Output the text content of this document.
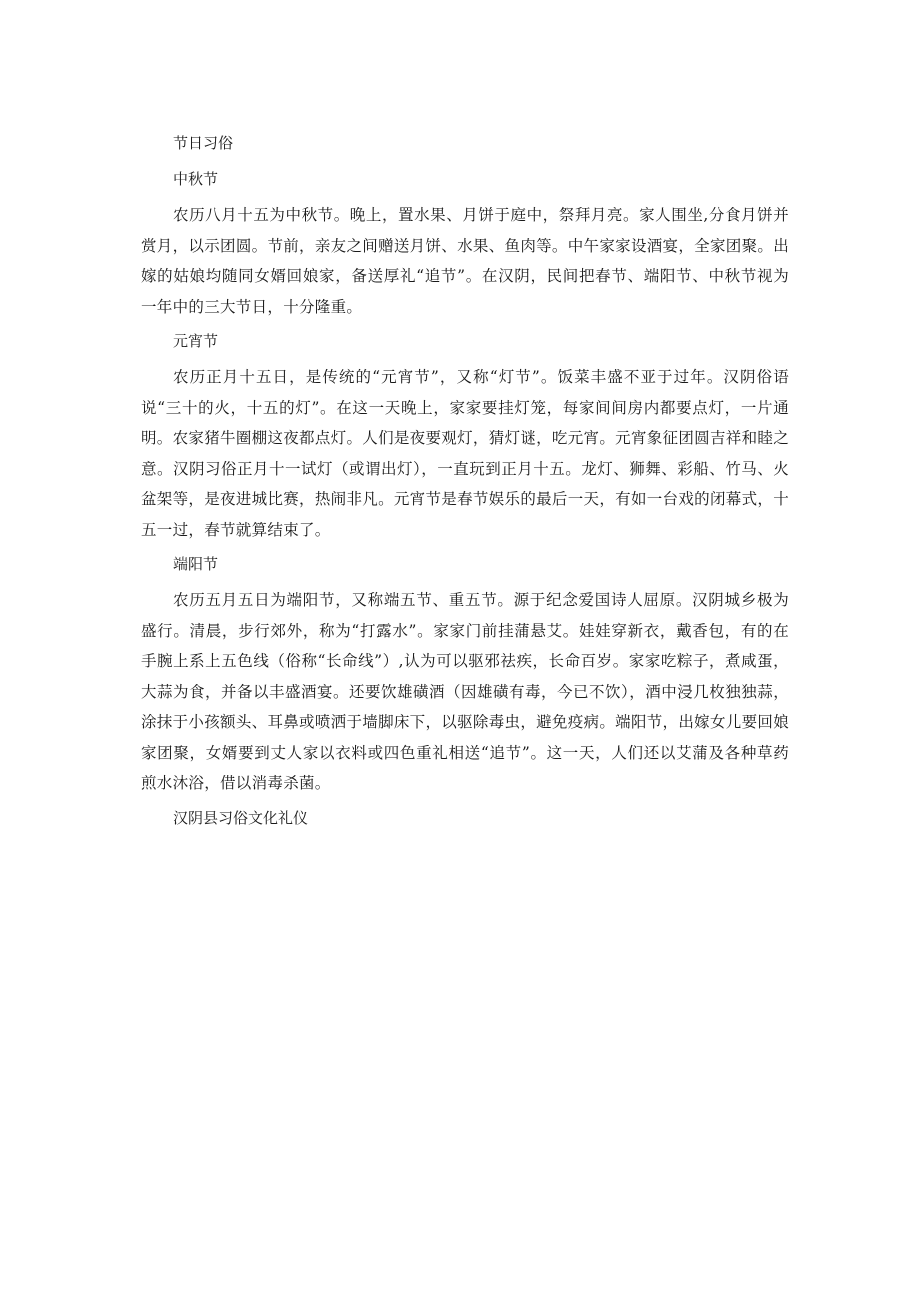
节日习俗
中秋节

农历八月十五为中秋节。晚上，置水果、月饼于庭中，祭拜月亮。家人围坐,分食月饼并赏月，以示团圆。节前，亲友之间赠送月饼、水果、鱼肉等。中午家家设酒宴，全家团聚。出嫁的姑娘均随同女婿回娘家，备送厚礼“追节”。在汉阴，民间把春节、端阳节、中秋节视为一年中的三大节日，十分隆重。

元宵节

农历正月十五日，是传统的“元宵节”，又称“灯节”。饭菜丰盛不亚于过年。汉阴俗语说“三十的火，十五的灯”。在这一天晚上，家家要挂灯笼，每家间间房内都要点灯，一片通明。农家猪牛圈棚这夜都点灯。人们是夜要观灯，猜灯谜，吃元宵。元宵象征团圆吉祥和睦之意。汉阴习俗正月十一试灯（或谓出灯），一直玩到正月十五。龙灯、狮舞、彩船、竹马、火盆架等，是夜进城比赛，热闹非凡。元宵节是春节娱乐的最后一天，有如一台戏的闭幕式，十五一过，春节就算结束了。

端阳节

农历五月五日为端阳节，又称端五节、重五节。源于纪念爱国诗人屈原。汉阴城乡极为盛行。清晨，步行郊外，称为“打露水”。家家门前挂蒲悬艾。娃娃穿新衣，戴香包，有的在手腕上系上五色线（俗称“长命线”）,认为可以驱邪祛疾，长命百岁。家家吃粽子，煮咸蛋，大蒜为食，并备以丰盛酒宴。还要饮雄磺酒（因雄磺有毒，今已不饮），酒中浸几枚独独蒜，涂抹于小孩额头、耳鼻或喷洒于墙脚床下，以驱除毒虫，避免疫病。端阳节，出嫁女儿要回娘家团聚，女婿要到丈人家以衣料或四色重礼相送“追节”。这一天，人们还以艾蒲及各种草药煎水沐浴，借以消毒杀菌。

汉阴县习俗文化礼仪
